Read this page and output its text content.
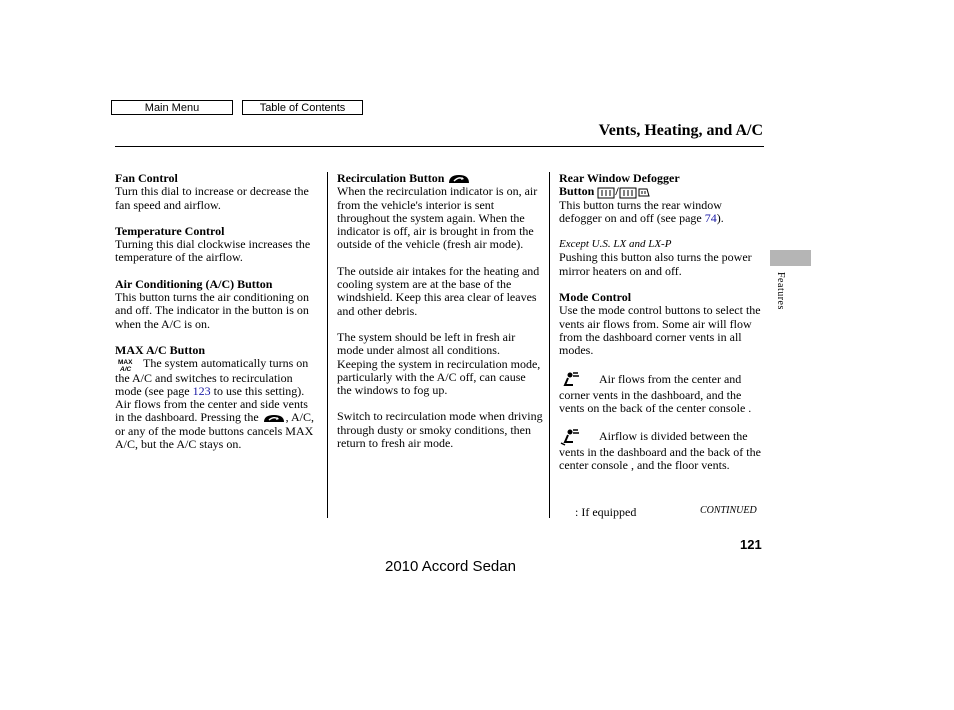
Main Menu	Table of Contents
Vents, Heating, and A/C
Fan Control
Turn this dial to increase or decrease the fan speed and airflow.
Temperature Control
Turning this dial clockwise increases the temperature of the airflow.
Air Conditioning (A/C) Button
This button turns the air conditioning on and off. The indicator in the button is on when the A/C is on.
MAX A/C Button
MAX
A/C The system automatically turns on the A/C and switches to recirculation mode (see page 123 to use this setting). Air flows from the center and side vents in the dashboard. Pressing the , A/C, or any of the mode buttons cancels MAX A/C, but the A/C stays on.
Recirculation Button
When the recirculation indicator is on, air from the vehicle's interior is sent throughout the system again. When the indicator is off, air is brought in from the outside of the vehicle (fresh air mode).
The outside air intakes for the heating and cooling system are at the base of the windshield. Keep this area clear of leaves and other debris.
The system should be left in fresh air mode under almost all conditions. Keeping the system in recirculation mode, particularly with the A/C off, can cause the windows to fog up.
Switch to recirculation mode when driving through dusty or smoky conditions, then return to fresh air mode.
Rear Window Defogger
Button /
This button turns the rear window defogger on and off (see page 74).
Except U.S. LX and LX-P
Pushing this button also turns the power mirror heaters on and off.
Mode Control
Use the mode control buttons to select the vents air flows from. Some air will flow from the dashboard corner vents in all modes.
Air flows from the center and corner vents in the dashboard, and the vents on the back of the center console .
Airflow is divided between the vents in the dashboard and the back of the center console , and the floor vents.
Features
: If equipped	CONTINUED
121
2010 Accord Sedan
